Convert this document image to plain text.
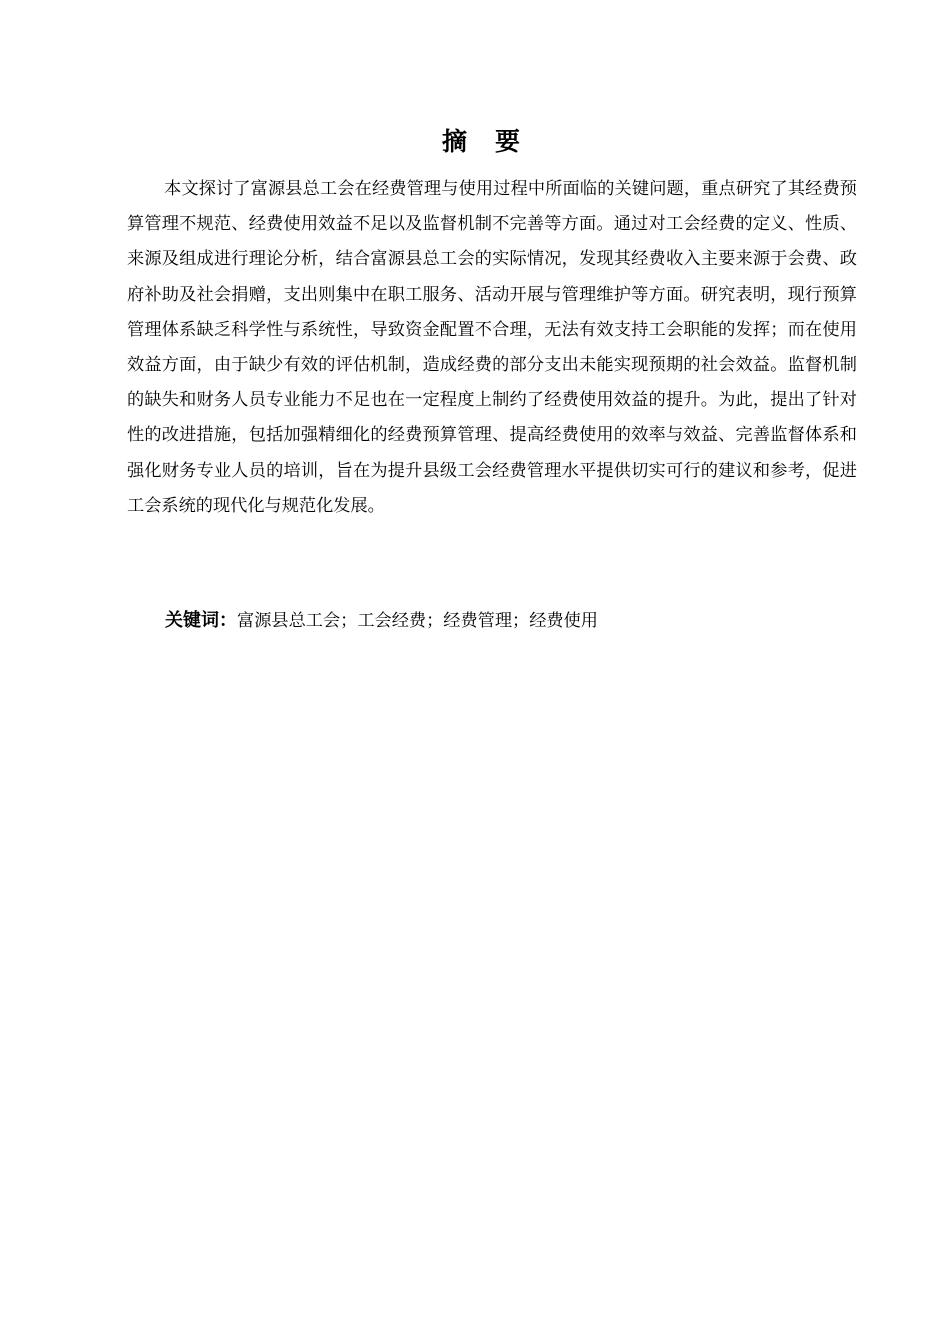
摘要

本文探讨了富源县总工会在经费管理与使用过程中所面临的关键问题，重点研究了其经费预算管理不规范、经费使用效益不足以及监督机制不完善等方面。通过对工会经费的定义、性质、来源及组成进行理论分析，结合富源县总工会的实际情况，发现其经费收入主要来源于会费、政府补助及社会捐赠，支出则集中在职工服务、活动开展与管理维护等方面。研究表明，现行预算管理体系缺乏科学性与系统性，导致资金配置不合理，无法有效支持工会职能的发挥；而在使用效益方面，由于缺少有效的评估机制，造成经费的部分支出未能实现预期的社会效益。监督机制的缺失和财务人员专业能力不足也在一定程度上制约了经费使用效益的提升。为此，提出了针对性的改进措施，包括加强精细化的经费预算管理、提高经费使用的效率与效益、完善监督体系和强化财务专业人员的培训，旨在为提升县级工会经费管理水平提供切实可行的建议和参考，促进工会系统的现代化与规范化发展。

关键词：富源县总工会；工会经费；经费管理；经费使用
